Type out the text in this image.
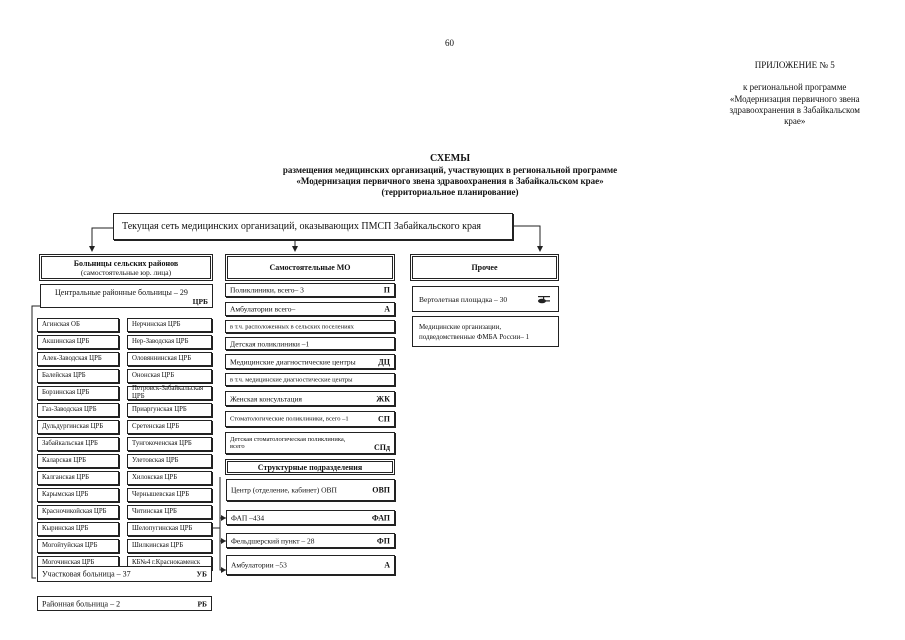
60
ПРИЛОЖЕНИЕ № 5
к региональной программе
«Модернизация первичного звена
здравоохранения в Забайкальском
крае»
СХЕМЫ
размещения медицинских организаций, участвующих в региональной программе
«Модернизация первичного звена здравоохранения в Забайкальском крае»
(территориальное планирование)
Текущая сеть медицинских организаций, оказывающих ПМСП Забайкальского края
Больницы сельских районов
(самостоятельные юр. лица)
Центральные районные больницы – 29
ЦРБ
Агинская ОБ
Акшинская ЦРБ
Алек-Заводская ЦРБ
Балейская ЦРБ
Борзинская ЦРБ
Газ-Заводская ЦРБ
Дульдургинская ЦРБ
Забайкальская ЦРБ
Каларская ЦРБ
Калганская ЦРБ
Карымская ЦРБ
Красночикойская ЦРБ
Кыринская ЦРБ
Могойтуйская ЦРБ
Могочинская ЦРБ
Нерчинская ЦРБ
Нер-Заводская ЦРБ
Оловяннинская ЦРБ
Ононская ЦРБ
Петровск-Забайкальская ЦРБ
Приаргунская ЦРБ
Сретенская ЦРБ
Тунгокоченская ЦРБ
Улетовская ЦРБ
Хилокская ЦРБ
Чернышевская ЦРБ
Читинская ЦРБ
Шелопугинская ЦРБ
Шилкинская ЦРБ
КБ№4 г.Краснокаменск
Участковая больница – 37	УБ
Районная больница – 2	РБ
Самостоятельные МО
Поликлиники, всего– 3	П
Амбулатории всего–	А
в т.ч. расположенных в сельских поселениях
Детская поликлиники –1
Медицинские диагностические центры	ДЦ
в т.ч. медицинские диагностические центры
Женская консультация	ЖК
Стоматологические поликлиники, всего –1	СП
Детская стоматологическая поликлиника, всего	СПд
Структурные подразделения
Центр (отделение, кабинет) ОВП	ОВП
ФАП –434	ФАП
Фельдшерский пункт – 28	ФП
Амбулатории –53	А
Прочее
Вертолетная площадка – 30
Медицинские организации,
подведомственные ФМБА России– 1
